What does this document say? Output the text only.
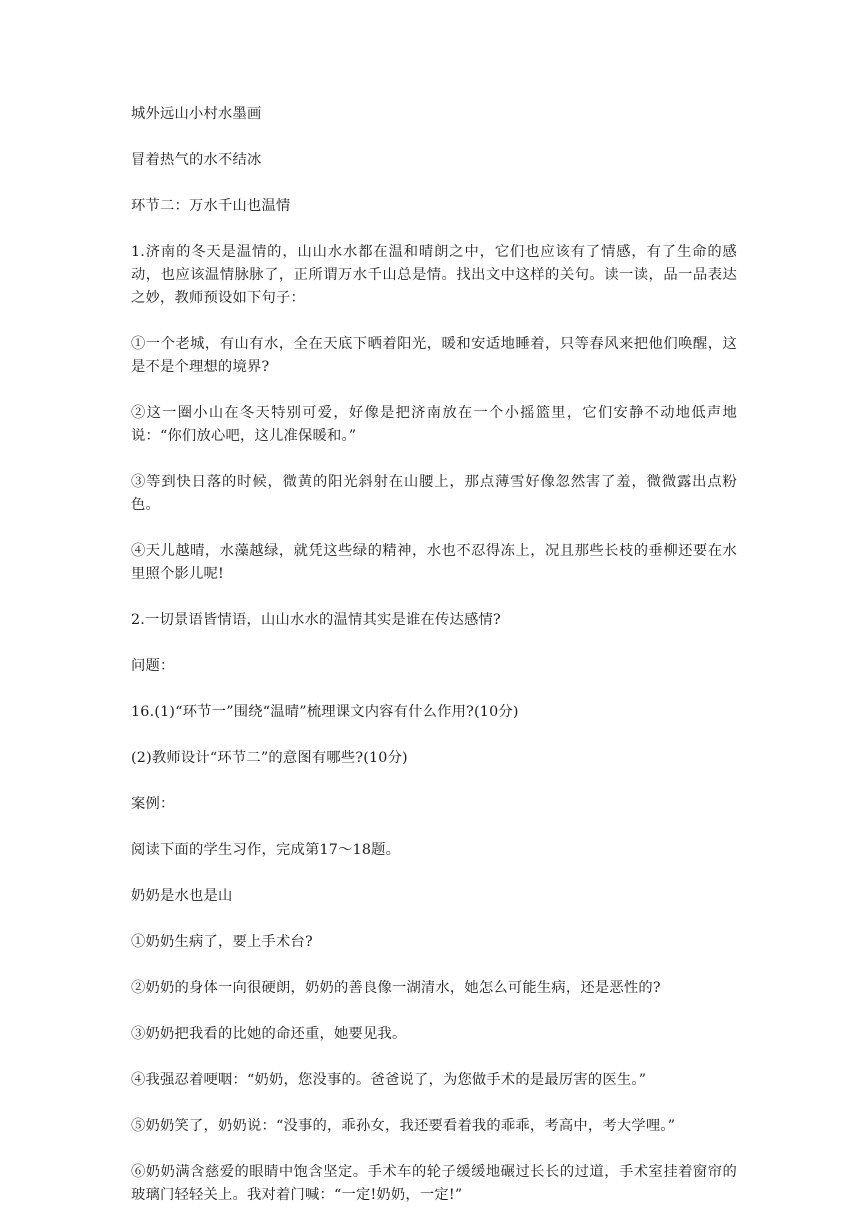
城外远山小村水墨画

冒着热气的水不结冰

环节二：万水千山也温情

1.济南的冬天是温情的，山山水水都在温和晴朗之中，它们也应该有了情感，有了生命的感动，也应该温情脉脉了，正所谓万水千山总是情。找出文中这样的关句。读一读，品一品表达之妙，教师预设如下句子：

①一个老城，有山有水，全在天底下晒着阳光，暖和安适地睡着，只等春风来把他们唤醒，这是不是个理想的境界?

②这一圈小山在冬天特别可爱，好像是把济南放在一个小摇篮里，它们安静不动地低声地说：“你们放心吧，这儿准保暖和。”

③等到快日落的时候，微黄的阳光斜射在山腰上，那点薄雪好像忽然害了羞，微微露出点粉色。

④天儿越晴，水藻越绿，就凭这些绿的精神，水也不忍得冻上，况且那些长枝的垂柳还要在水里照个影儿呢!

2.一切景语皆情语，山山水水的温情其实是谁在传达感情?

问题：

16.(1)“环节一”围绕“温晴”梳理课文内容有什么作用?(10分)

(2)教师设计“环节二”的意图有哪些?(10分)

案例：

阅读下面的学生习作，完成第17～18题。

奶奶是水也是山

①奶奶生病了，要上手术台?

②奶奶的身体一向很硬朗，奶奶的善良像一湖清水，她怎么可能生病，还是恶性的?

③奶奶把我看的比她的命还重，她要见我。

④我强忍着哽咽：“奶奶，您没事的。爸爸说了，为您做手术的是最厉害的医生。”

⑤奶奶笑了，奶奶说：“没事的，乖孙女，我还要看着我的乖乖，考高中，考大学哩。”

⑥奶奶满含慈爱的眼睛中饱含坚定。手术车的轮子缓缓地碾过长长的过道，手术室挂着窗帘的玻璃门轻轻关上。我对着门喊：“一定!奶奶，一定!”
